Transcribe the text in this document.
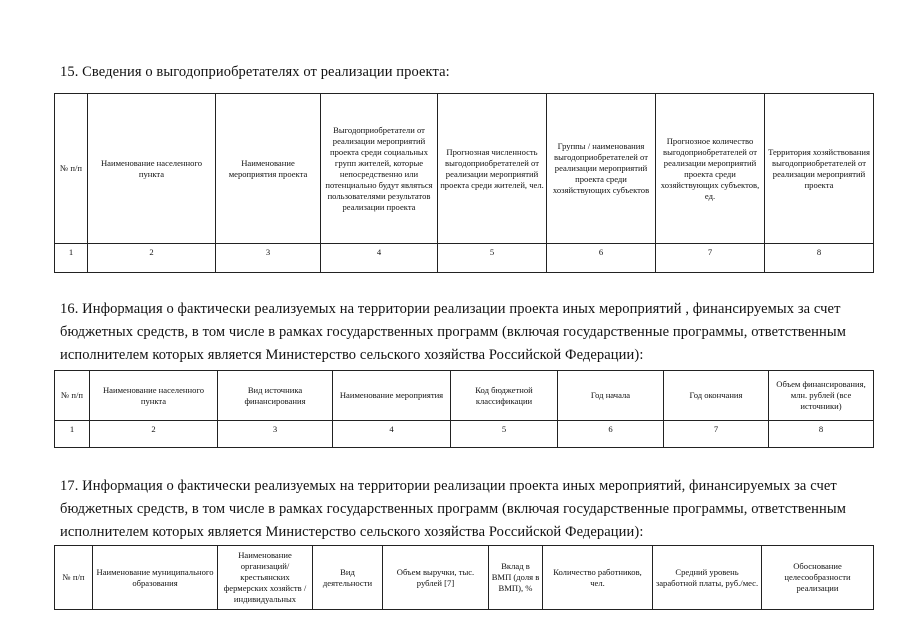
15. Сведения о выгодоприобретателях от реализации проекта:

№ п/п	Наименование населенного пункта	Наименование мероприятия проекта	Выгодоприобретатели от реализации мероприятий проекта среди социальных групп жителей, которые непосредственно или потенциально будут являться пользователями результатов реализации проекта	Прогнозная численность выгодоприобретателей от реализации мероприятий проекта среди жителей, чел.	Группы / наименования выгодоприобретателей от реализации мероприятий проекта среди хозяйствующих субъектов	Прогнозное количество выгодоприобретателей от реализации мероприятий проекта среди хозяйствующих субъектов, ед.	Территория хозяйствования выгодоприобретателей от реализации мероприятий проекта
1	2	3	4	5	6	7	8

16. Информация о фактически реализуемых на территории реализации проекта иных мероприятий , финансируемых за счет бюджетных средств, в том числе в рамках государственных программ (включая государственные программы, ответственным исполнителем которых является Министерство сельского хозяйства Российской Федерации):

№ п/п	Наименование населенного пункта	Вид источника финансирования	Наименование мероприятия	Код бюджетной классификации	Год начала	Год окончания	Объем финансирования, млн. рублей (все источники)
1	2	3	4	5	6	7	8

17. Информация о фактически реализуемых на территории реализации проекта иных мероприятий, финансируемых за счет бюджетных средств, в том числе в рамках государственных программ (включая государственные программы, ответственным исполнителем которых является Министерство сельского хозяйства Российской Федерации):

№ п/п	Наименование муниципального образования	Наименование организаций/ крестьянских фермерских хозяйств / индивидуальных	Вид деятельности	Объем выручки, тыс. рублей [7]	Вклад в ВМП (доля в ВМП), %	Количество работников, чел.	Средний уровень заработной платы, руб./мес.	Обоснование целесообразности реализации
